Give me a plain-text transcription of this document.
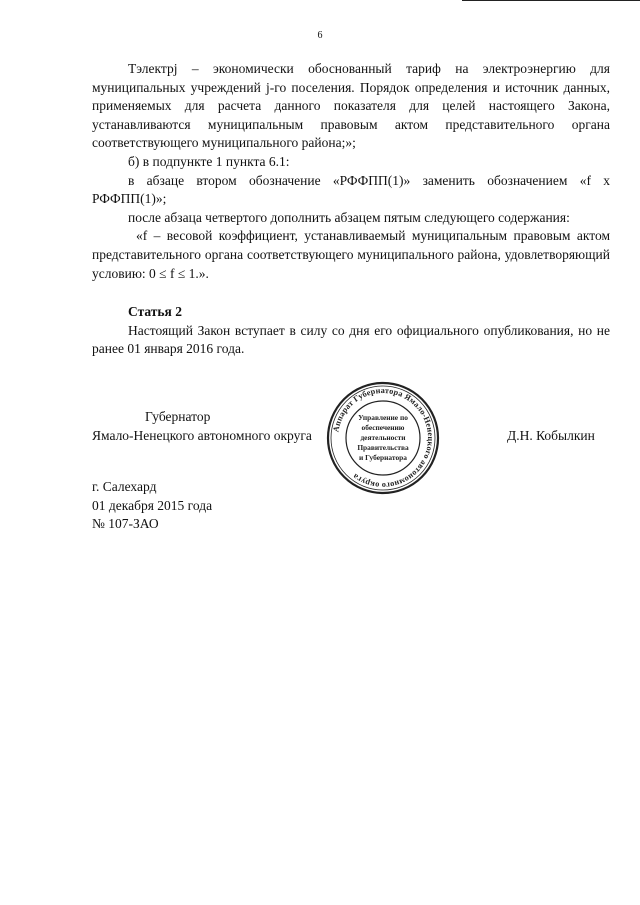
6

Тэлектрj – экономически обоснованный тариф на электроэнергию для муниципальных учреждений j-го поселения. Порядок определения и источник данных, применяемых для расчета данного показателя для целей настоящего Закона, устанавливаются муниципальным правовым актом представительного органа соответствующего муниципального района;»;

б) в подпункте 1 пункта 6.1:

в абзаце втором обозначение «РФФПП(1)» заменить обозначением «f x РФФПП(1)»;

после абзаца четвертого дополнить абзацем пятым следующего содержания:

«f – весовой коэффициент, устанавливаемый муниципальным правовым актом представительного органа соответствующего муниципального района, удовлетворяющий условию: 0 ≤ f ≤ 1.».

Статья 2

Настоящий Закон вступает в силу со дня его официального опубликования, но не ранее 01 января 2016 года.

Губернатор
Ямало-Ненецкого автономного округа	Д.Н. Кобылкин
Аппарат Губернатора Ямало-Ненецкого автономного округа
Управление по
обеспечению
деятельности
Правительства
и Губернатора
г. Салехард
01 декабря 2015 года
№ 107-ЗАО
